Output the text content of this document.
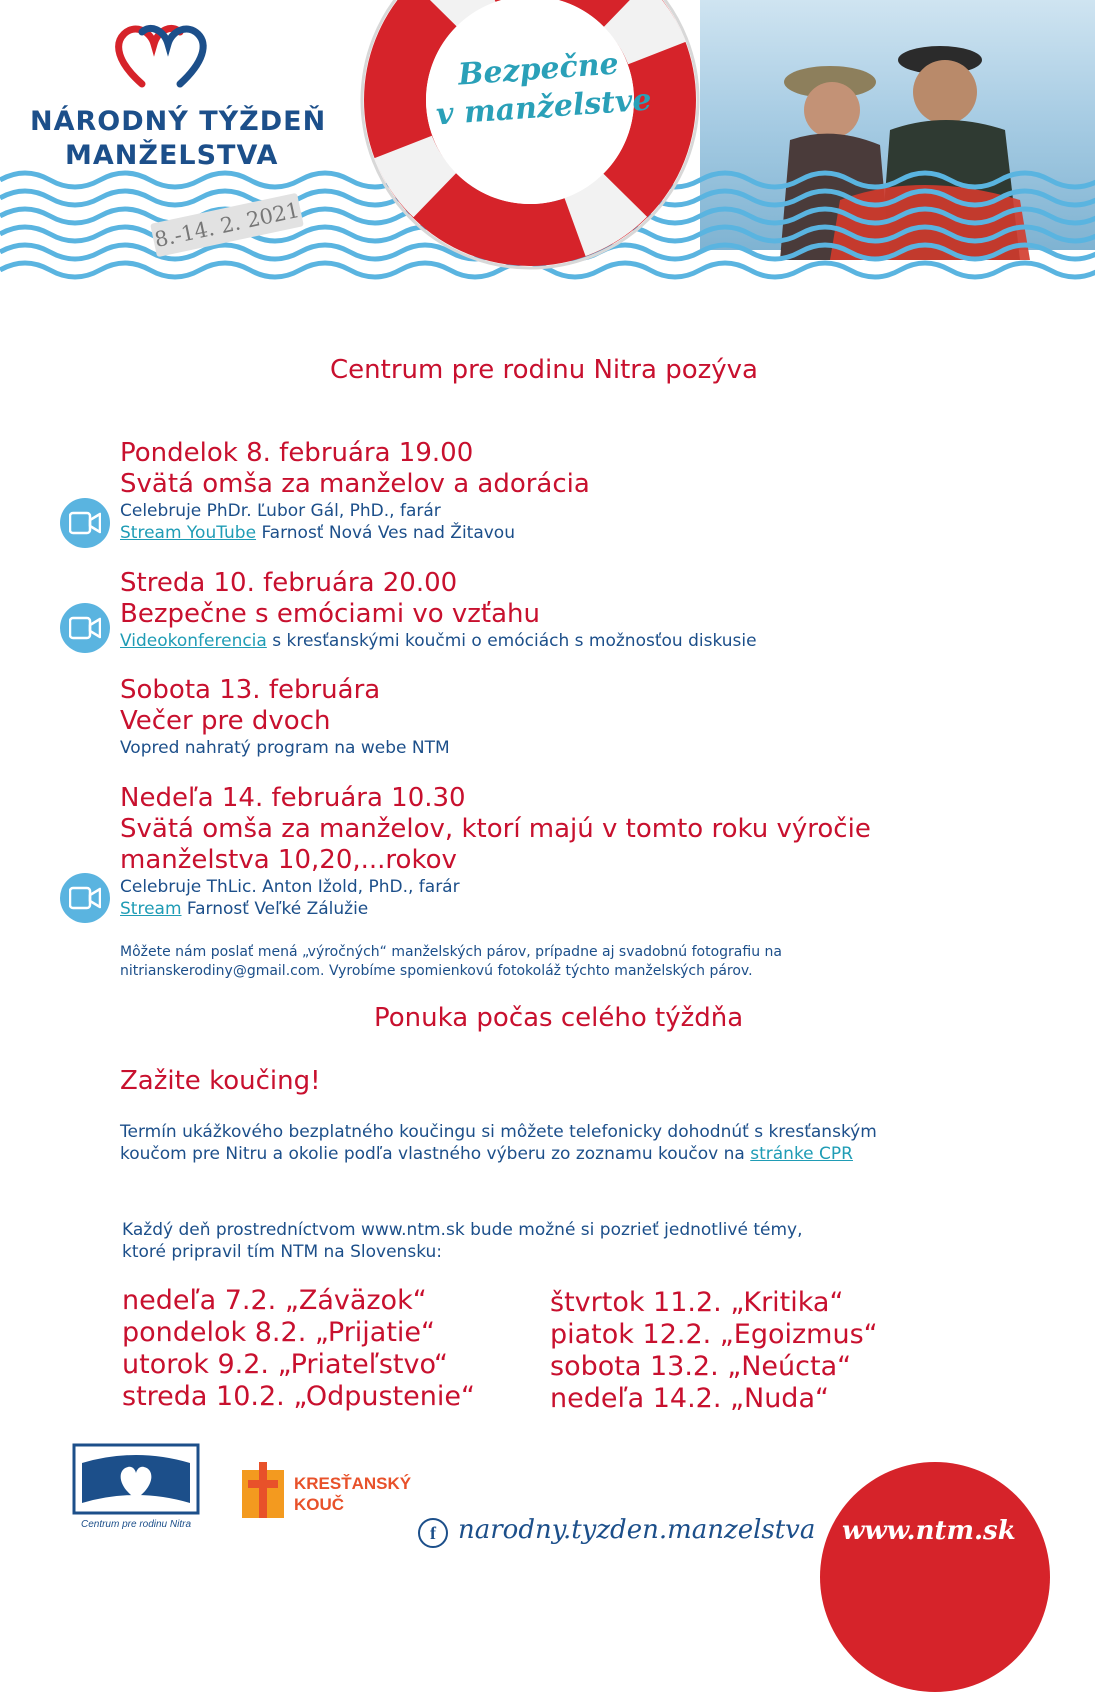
Bezpečne
v manželstve
NÁRODNÝ TÝŽDEŇ
MANŽELSTVA
8.-14. 2. 2021
Centrum pre rodinu Nitra pozýva
Pondelok 8. februára 19.00
Svätá omša za manželov a adorácia
Celebruje PhDr. Ľubor Gál, PhD., farár
Stream YouTube Farnosť Nová Ves nad Žitavou
Streda 10. februára 20.00
Bezpečne s emóciami vo vzťahu
Videokonferencia s kresťanskými koučmi o emóciách s možnosťou diskusie
Sobota 13. februára
Večer pre dvoch
Vopred nahratý program na webe NTM
Nedeľa 14. februára 10.30
Svätá omša za manželov, ktorí majú v tomto roku výročie
manželstva 10,20,...rokov
Celebruje ThLic. Anton Ižold, PhD., farár
Stream Farnosť Veľké Zálužie
Môžete nám poslať mená „výročných“ manželských párov, prípadne aj svadobnú fotografiu na
nitrianskerodiny@gmail.com. Vyrobíme spomienkovú fotokoláž týchto manželských párov.
Ponuka počas celého týždňa
Zažite koučing!
Termín ukážkového bezplatného koučingu si môžete telefonicky dohodnúť s kresťanským
koučom pre Nitru a okolie podľa vlastného výberu zo zoznamu koučov na stránke CPR
Každý deň prostredníctvom www.ntm.sk bude možné si pozrieť jednotlivé témy,
ktoré pripravil tím NTM na Slovensku:
nedeľa 7.2. „Záväzok“
pondelok 8.2. „Prijatie“
utorok 9.2. „Priateľstvo“
streda 10.2. „Odpustenie“
štvrtok 11.2. „Kritika“
piatok 12.2. „Egoizmus“
sobota 13.2. „Neúcta“
nedeľa 14.2. „Nuda“
Centrum pre rodinu Nitra
KRESŤANSKÝ
KOUČ
f narodny.tyzden.manzelstva www.ntm.sk
